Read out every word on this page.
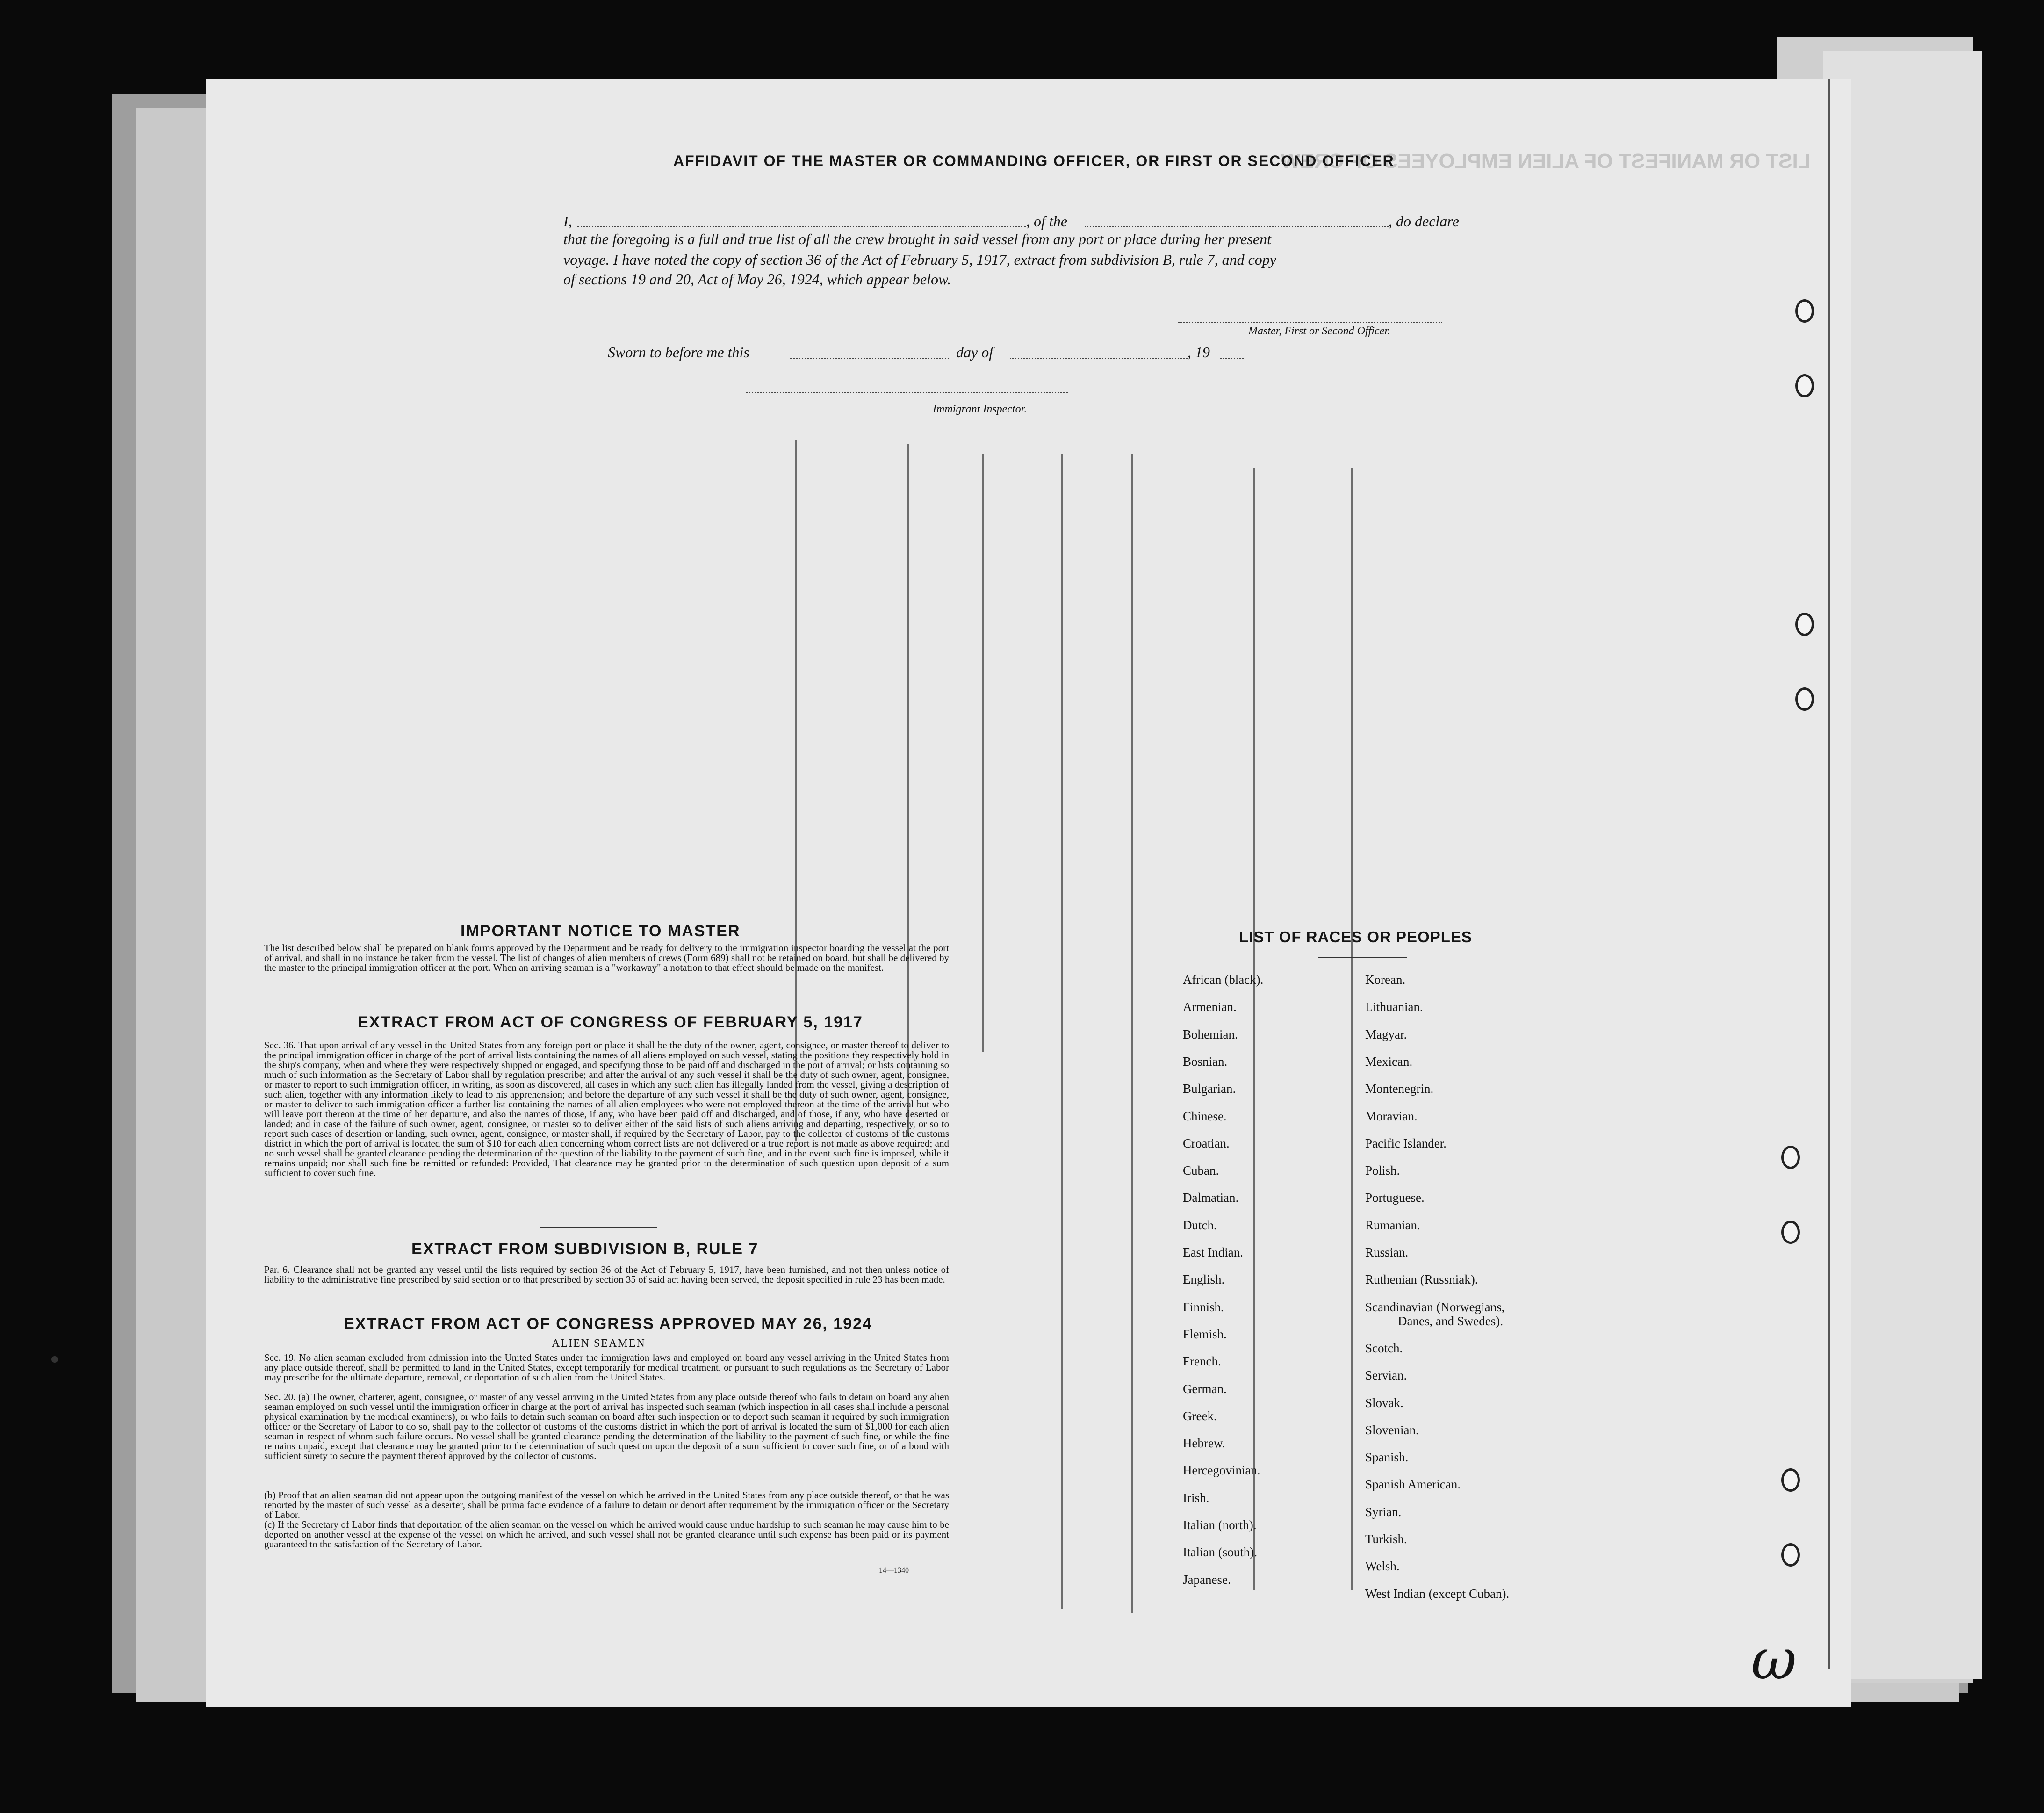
LIST OR MANIFEST OF ALIEN EMPLOYEES OF CREW
AFFIDAVIT OF THE MASTER OR COMMANDING OFFICER, OR FIRST OR SECOND OFFICER
I,	, of the	, do declare
that the foregoing is a full and true list of all the crew brought in said vessel from any port or place during her present
voyage. I have noted the copy of section 36 of the Act of February 5, 1917, extract from subdivision B, rule 7, and copy
of sections 19 and 20, Act of May 26, 1924, which appear below.
Master, First or Second Officer.
Sworn to before me this	day of	, 19
Immigrant Inspector.
IMPORTANT NOTICE TO MASTER
The list described below shall be prepared on blank forms approved by the Department and be ready for delivery to the immigration inspector boarding the vessel at the port of arrival, and shall in no instance be taken from the vessel. The list of changes of alien members of crews (Form 689) shall not be retained on board, but shall be delivered by the master to the principal immigration officer at the port. When an arriving seaman is a "workaway" a notation to that effect should be made on the manifest.
EXTRACT FROM ACT OF CONGRESS OF FEBRUARY 5, 1917
Sec. 36. That upon arrival of any vessel in the United States from any foreign port or place it shall be the duty of the owner, agent, consignee, or master thereof to deliver to the principal immigration officer in charge of the port of arrival lists containing the names of all aliens employed on such vessel, stating the positions they respectively hold in the ship's company, when and where they were respectively shipped or engaged, and specifying those to be paid off and discharged in the port of arrival; or lists containing so much of such information as the Secretary of Labor shall by regulation prescribe; and after the arrival of any such vessel it shall be the duty of such owner, agent, consignee, or master to report to such immigration officer, in writing, as soon as discovered, all cases in which any such alien has illegally landed from the vessel, giving a description of such alien, together with any information likely to lead to his apprehension; and before the departure of any such vessel it shall be the duty of such owner, agent, consignee, or master to deliver to such immigration officer a further list containing the names of all alien employees who were not employed thereon at the time of the arrival but who will leave port thereon at the time of her departure, and also the names of those, if any, who have been paid off and discharged, and of those, if any, who have deserted or landed; and in case of the failure of such owner, agent, consignee, or master so to deliver either of the said lists of such aliens arriving and departing, respectively, or so to report such cases of desertion or landing, such owner, agent, consignee, or master shall, if required by the Secretary of Labor, pay to the collector of customs of the customs district in which the port of arrival is located the sum of $10 for each alien concerning whom correct lists are not delivered or a true report is not made as above required; and no such vessel shall be granted clearance pending the determination of the question of the liability to the payment of such fine, and in the event such fine is imposed, while it remains unpaid; nor shall such fine be remitted or refunded: Provided, That clearance may be granted prior to the determination of such question upon deposit of a sum sufficient to cover such fine.
EXTRACT FROM SUBDIVISION B, RULE 7
Par. 6. Clearance shall not be granted any vessel until the lists required by section 36 of the Act of February 5, 1917, have been furnished, and not then unless notice of liability to the administrative fine prescribed by said section or to that prescribed by section 35 of said act having been served, the deposit specified in rule 23 has been made.
EXTRACT FROM ACT OF CONGRESS APPROVED MAY 26, 1924
ALIEN SEAMEN
Sec. 19. No alien seaman excluded from admission into the United States under the immigration laws and employed on board any vessel arriving in the United States from any place outside thereof, shall be permitted to land in the United States, except temporarily for medical treatment, or pursuant to such regulations as the Secretary of Labor may prescribe for the ultimate departure, removal, or deportation of such alien from the United States.
Sec. 20. (a) The owner, charterer, agent, consignee, or master of any vessel arriving in the United States from any place outside thereof who fails to detain on board any alien seaman employed on such vessel until the immigration officer in charge at the port of arrival has inspected such seaman (which inspection in all cases shall include a personal physical examination by the medical examiners), or who fails to detain such seaman on board after such inspection or to deport such seaman if required by such immigration officer or the Secretary of Labor to do so, shall pay to the collector of customs of the customs district in which the port of arrival is located the sum of $1,000 for each alien seaman in respect of whom such failure occurs. No vessel shall be granted clearance pending the determination of the liability to the payment of such fine, or while the fine remains unpaid, except that clearance may be granted prior to the determination of such question upon the deposit of a sum sufficient to cover such fine, or of a bond with sufficient surety to secure the payment thereof approved by the collector of customs.
(b) Proof that an alien seaman did not appear upon the outgoing manifest of the vessel on which he arrived in the United States from any place outside thereof, or that he was reported by the master of such vessel as a deserter, shall be prima facie evidence of a failure to detain or deport after requirement by the immigration officer or the Secretary of Labor.
(c) If the Secretary of Labor finds that deportation of the alien seaman on the vessel on which he arrived would cause undue hardship to such seaman he may cause him to be deported on another vessel at the expense of the vessel on which he arrived, and such vessel shall not be granted clearance until such expense has been paid or its payment guaranteed to the satisfaction of the Secretary of Labor.
14—1340
LIST OF RACES OR PEOPLES
African (black).
Armenian.
Bohemian.
Bosnian.
Bulgarian.
Chinese.
Croatian.
Cuban.
Dalmatian.
Dutch.
East Indian.
English.
Finnish.
Flemish.
French.
German.
Greek.
Hebrew.
Hercegovinian.
Irish.
Italian (north).
Italian (south).
Japanese.
Korean.
Lithuanian.
Magyar.
Mexican.
Montenegrin.
Moravian.
Pacific Islander.
Polish.
Portuguese.
Rumanian.
Russian.
Ruthenian (Russniak).
Scandinavian (Norwegians,
Danes, and Swedes).
Scotch.
Servian.
Slovak.
Slovenian.
Spanish.
Spanish American.
Syrian.
Turkish.
Welsh.
West Indian (except Cuban).
ω
